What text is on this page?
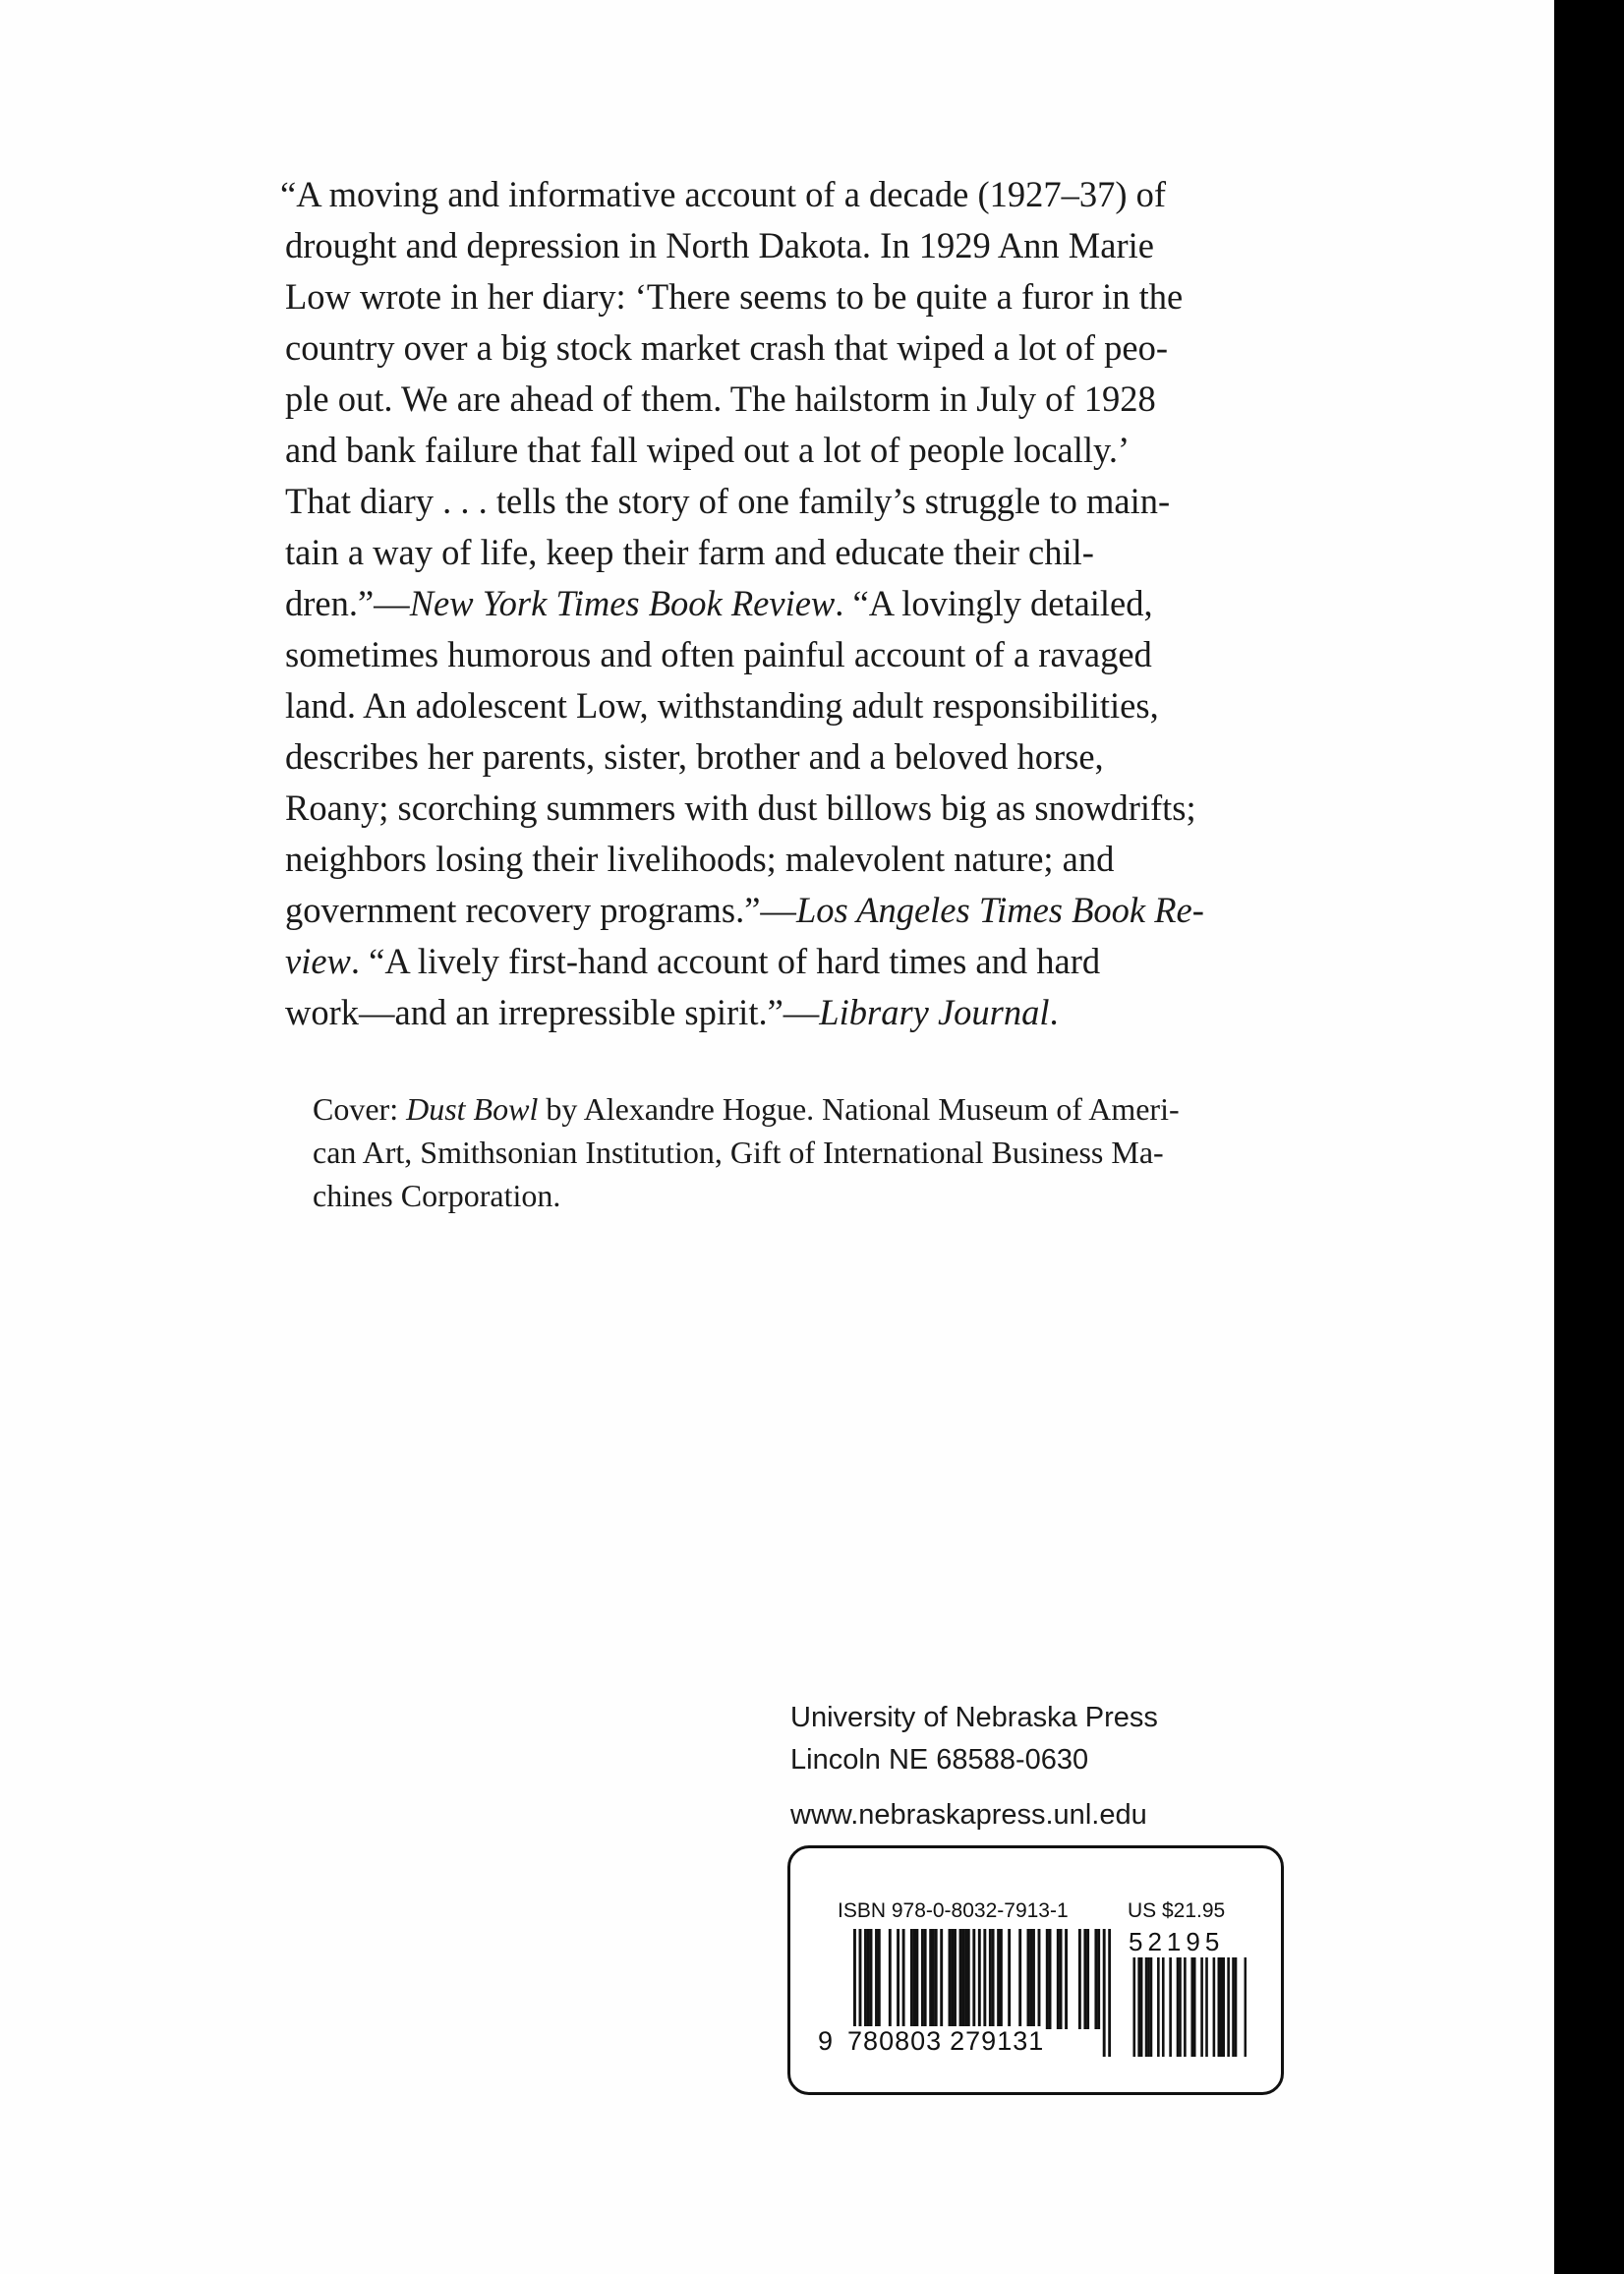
“A moving and informative account of a decade (1927–37) of
drought and depression in North Dakota. In 1929 Ann Marie
Low wrote in her diary: ‘There seems to be quite a furor in the
country over a big stock market crash that wiped a lot of peo-
ple out. We are ahead of them. The hailstorm in July of 1928
and bank failure that fall wiped out a lot of people locally.’
That diary . . . tells the story of one family’s struggle to main-
tain a way of life, keep their farm and educate their chil-
dren.”—New York Times Book Review. “A lovingly detailed,
sometimes humorous and often painful account of a ravaged
land. An adolescent Low, withstanding adult responsibilities,
describes her parents, sister, brother and a beloved horse,
Roany; scorching summers with dust billows big as snowdrifts;
neighbors losing their livelihoods; malevolent nature; and
government recovery programs.”—Los Angeles Times Book Re-
view. “A lively first-hand account of hard times and hard
work—and an irrepressible spirit.”—Library Journal.
Cover: Dust Bowl by Alexandre Hogue. National Museum of Ameri-
can Art, Smithsonian Institution, Gift of International Business Ma-
chines Corporation.
University of Nebraska Press
Lincoln NE 68588-0630
www.nebraskapress.unl.edu
ISBN 978-0-8032-7913-1	US $21.95
52195
9 780803 279131
